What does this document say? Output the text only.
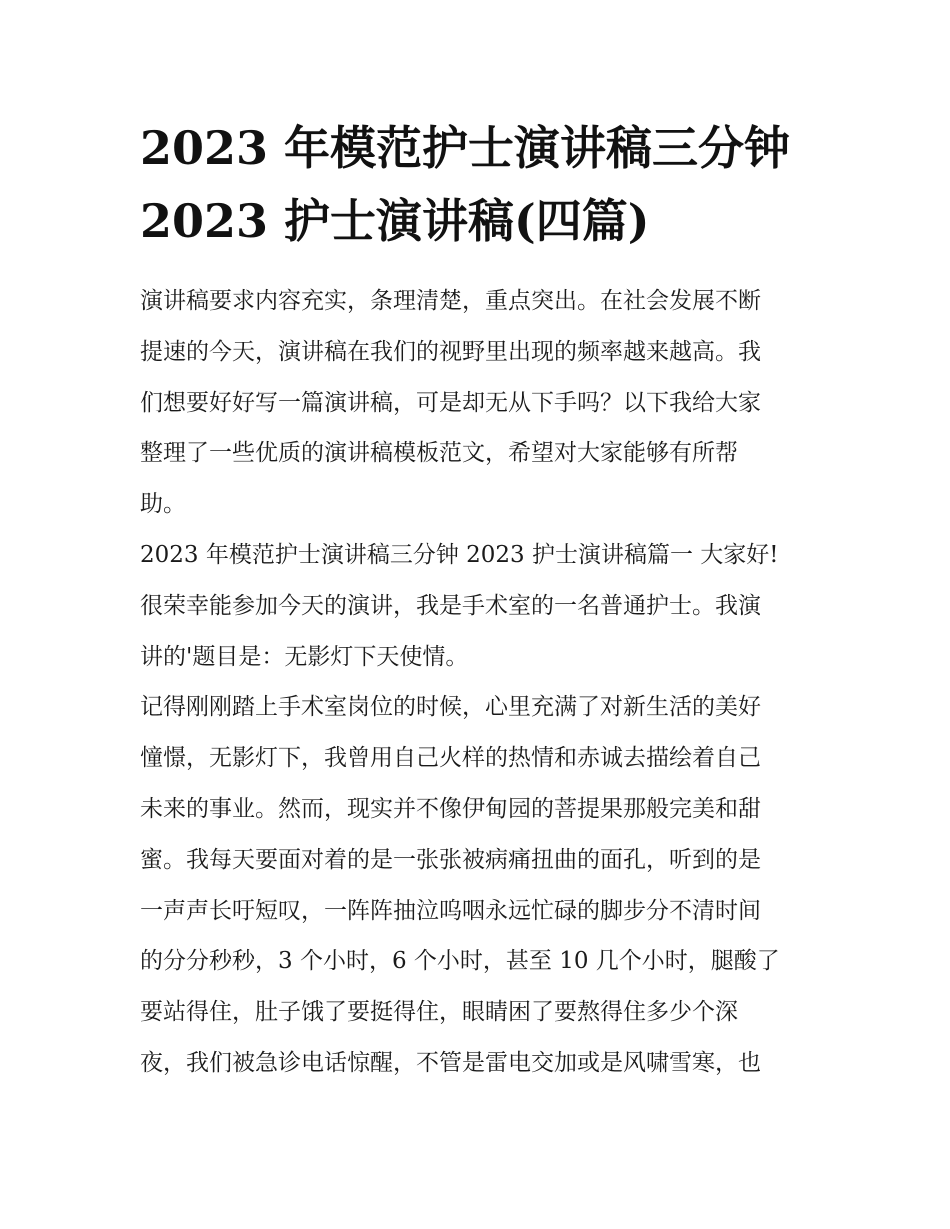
2023 年模范护士演讲稿三分钟
2023 护士演讲稿(四篇)
演讲稿要求内容充实，条理清楚，重点突出。在社会发展不断
提速的今天，演讲稿在我们的视野里出现的频率越来越高。我
们想要好好写一篇演讲稿，可是却无从下手吗？以下我给大家
整理了一些优质的演讲稿模板范文，希望对大家能够有所帮
助。
2023 年模范护士演讲稿三分钟 2023 护士演讲稿篇一 大家好!
很荣幸能参加今天的演讲，我是手术室的一名普通护士。我演
讲的'题目是：无影灯下天使情。
记得刚刚踏上手术室岗位的时候，心里充满了对新生活的美好
憧憬，无影灯下，我曾用自己火样的热情和赤诚去描绘着自己
未来的事业。然而，现实并不像伊甸园的菩提果那般完美和甜
蜜。我每天要面对着的是一张张被病痛扭曲的面孔，听到的是
一声声长吁短叹，一阵阵抽泣呜咽永远忙碌的脚步分不清时间
的分分秒秒，3 个小时，6 个小时，甚至 10 几个小时，腿酸了
要站得住，肚子饿了要挺得住，眼睛困了要熬得住多少个深
夜，我们被急诊电话惊醒，不管是雷电交加或是风啸雪寒，也
